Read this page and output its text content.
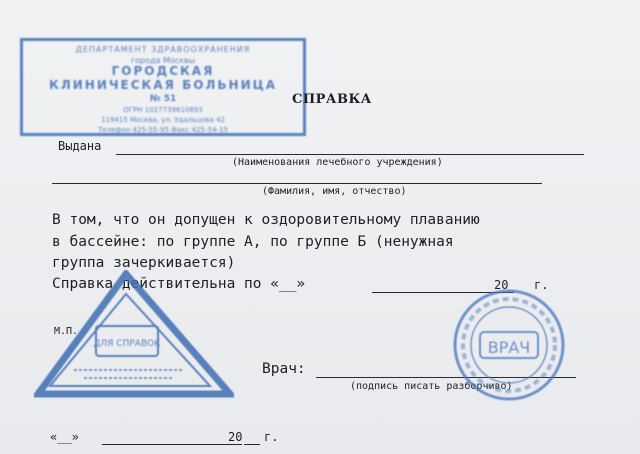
ДЕПАРТАМЕНТ ЗДРАВООХРАНЕНИЯ
города Москвы
ГОРОДСКАЯ
КЛИНИЧЕСКАЯ БОЛЬНИЦА
№ 51
ОГРН 1027739610893
119415 Москва, ул. Удальцова 42
Телефон 425-55-95 Факс 425-54-15
СПРАВКА
Выдана
(Наименования лечебного учреждения)
(Фамилия, имя, отчество)
В том, что он допущен к оздоровительному плаванию
в бассейне: по группе А, по группе Б (ненужная
группа зачеркивается)
Справка действительна по «__»	20 г.
М.П.
Врач:
(подпись писать разборчиво)
«__»	20 г.
ДЛЯ СПРАВОК	ВРАЧ
